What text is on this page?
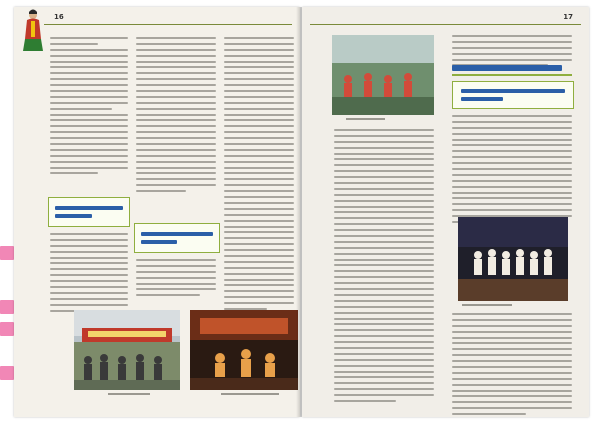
16	17
